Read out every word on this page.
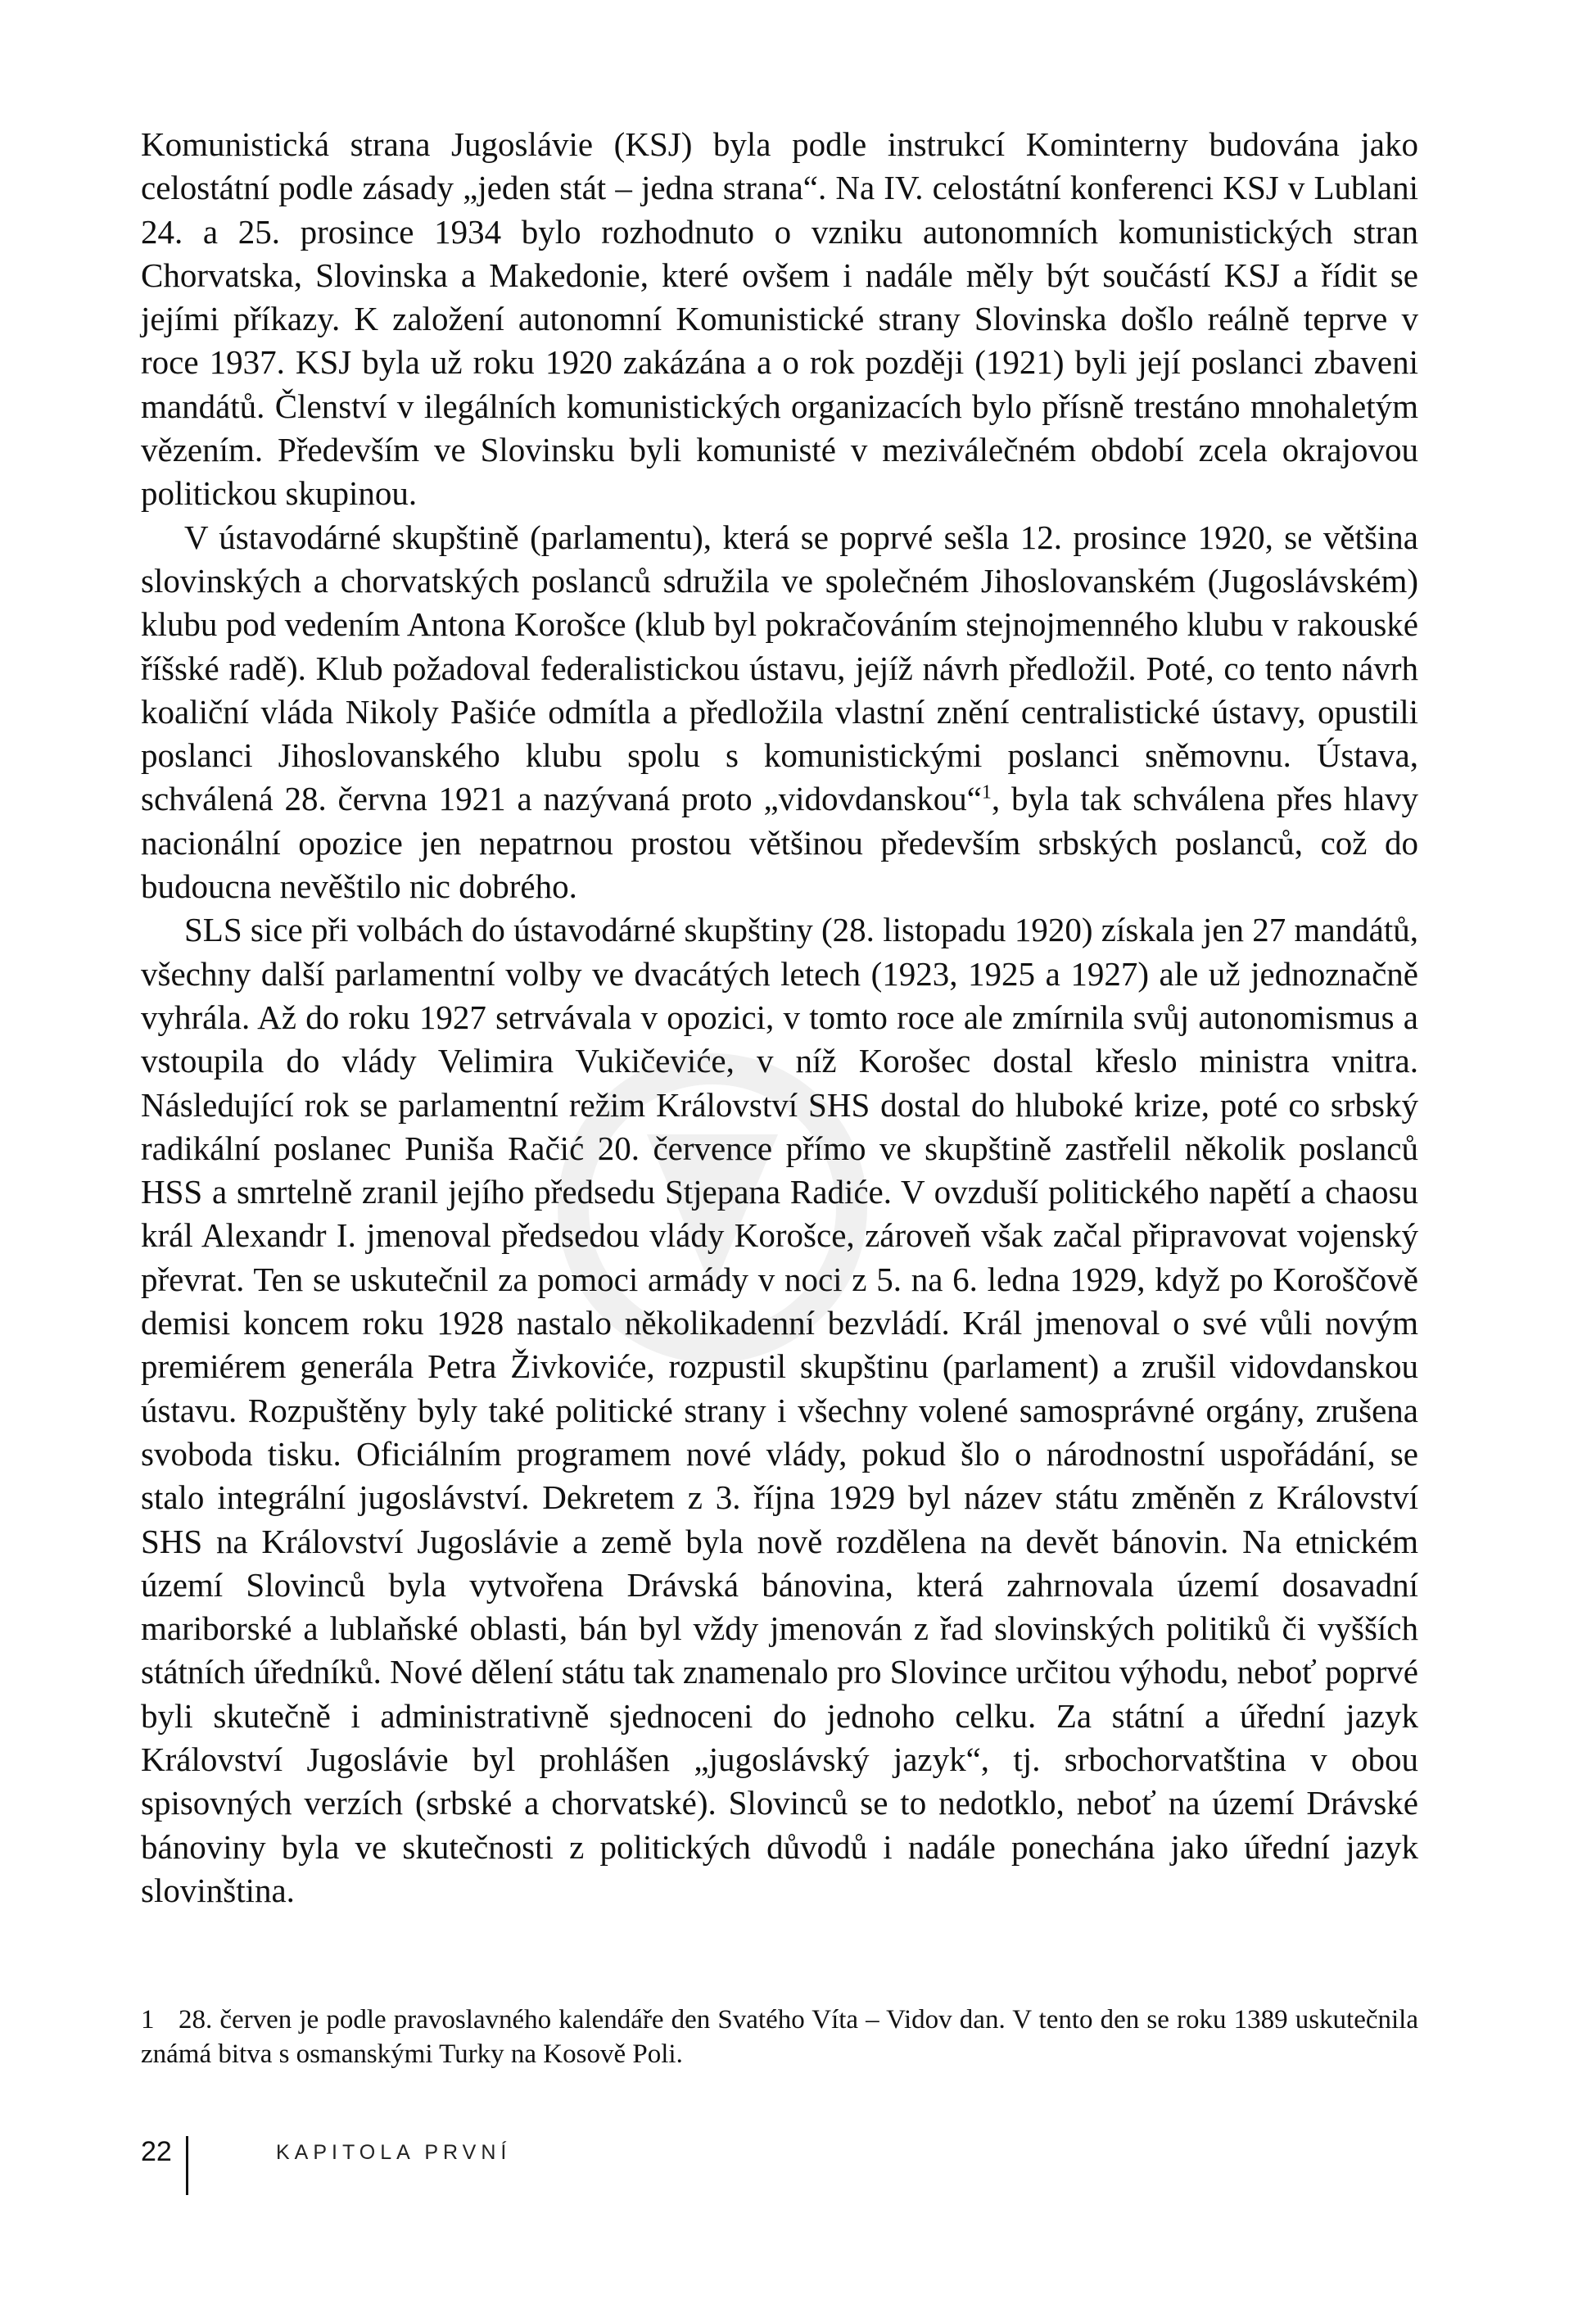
Komunistická strana Jugoslávie (KSJ) byla podle instrukcí Kominterny budována jako celostátní podle zásady „jeden stát – jedna strana“. Na IV. celostátní konferenci KSJ v Lublani 24. a 25. prosince 1934 bylo rozhodnuto o vzniku autonomních komunistických stran Chorvatska, Slovinska a Makedonie, které ovšem i nadále měly být součástí KSJ a řídit se jejími příkazy. K založení autonomní Komunistické strany Slovinska došlo reálně teprve v roce 1937. KSJ byla už roku 1920 zakázána a o rok později (1921) byli její poslanci zbaveni mandátů. Členství v ilegálních komunistických organizacích bylo přísně trestáno mnohaletým vězením. Především ve Slovinsku byli komunisté v meziválečném období zcela okrajovou politickou skupinou.

V ústavodárné skupštině (parlamentu), která se poprvé sešla 12. prosince 1920, se většina slovinských a chorvatských poslanců sdružila ve společném Jihoslovanském (Jugoslávském) klubu pod vedením Antona Korošce (klub byl pokračováním stejnojmenného klubu v rakouské říšské radě). Klub požadoval federalistickou ústavu, jejíž návrh předložil. Poté, co tento návrh koaliční vláda Nikoly Pašiće odmítla a předložila vlastní znění centralistické ústavy, opustili poslanci Jihoslovanského klubu spolu s komunistickými poslanci sněmovnu. Ústava, schválená 28. června 1921 a nazývaná proto „vidovdanskou“$^1$, byla tak schválena přes hlavy nacionální opozice jen nepatrnou prostou většinou především srbských poslanců, což do budoucna nevěštilo nic dobrého.

SLS sice při volbách do ústavodárné skupštiny (28. listopadu 1920) získala jen 27 mandátů, všechny další parlamentní volby ve dvacátých letech (1923, 1925 a 1927) ale už jednoznačně vyhrála. Až do roku 1927 setrvávala v opozici, v tomto roce ale zmírnila svůj autonomismus a vstoupila do vlády Velimira Vukičeviće, v níž Korošec dostal křeslo ministra vnitra. Následující rok se parlamentní režim Království SHS dostal do hluboké krize, poté co srbský radikální poslanec Puniša Račić 20. července přímo ve skupštině zastřelil několik poslanců HSS a smrtelně zranil jejího předsedu Stjepana Radiće. V ovzduší politického napětí a chaosu král Alexandr I. jmenoval předsedou vlády Korošce, zároveň však začal připravovat vojenský převrat. Ten se uskutečnil za pomoci armády v noci z 5. na 6. ledna 1929, když po Koroščově demisi koncem roku 1928 nastalo několikadenní bezvládí. Král jmenoval o své vůli novým premiérem generála Petra Živkoviće, rozpustil skupštinu (parlament) a zrušil vidovdanskou ústavu. Rozpuštěny byly také politické strany i všechny volené samosprávné orgány, zrušena svoboda tisku. Oficiálním programem nové vlády, pokud šlo o národnostní uspořádání, se stalo integrální jugoslávství. Dekretem z 3. října 1929 byl název státu změněn z Království SHS na Království Jugoslávie a země byla nově rozdělena na devět bánovin. Na etnickém území Slovinců byla vytvořena Drávská bánovina, která zahrnovala území dosavadní mariborské a lublaňské oblasti, bán byl vždy jmenován z řad slovinských politiků či vyšších státních úředníků. Nové dělení státu tak znamenalo pro Slovince určitou výhodu, neboť poprvé byli skutečně i administrativně sjednoceni do jednoho celku. Za státní a úřední jazyk Království Jugoslávie byl prohlášen „jugoslávský jazyk“, tj. srbochorvatština v obou spisovných verzích (srbské a chorvatské). Slovinců se to nedotklo, neboť na území Drávské bánoviny byla ve skutečnosti z politických důvodů i nadále ponechána jako úřední jazyk slovinština.

1 28. červen je podle pravoslavného kalendáře den Svatého Víta – Vidov dan. V tento den se roku 1389 uskutečnila známá bitva s osmanskými Turky na Kosově Poli.
22	KAPITOLA PRVNÍ
